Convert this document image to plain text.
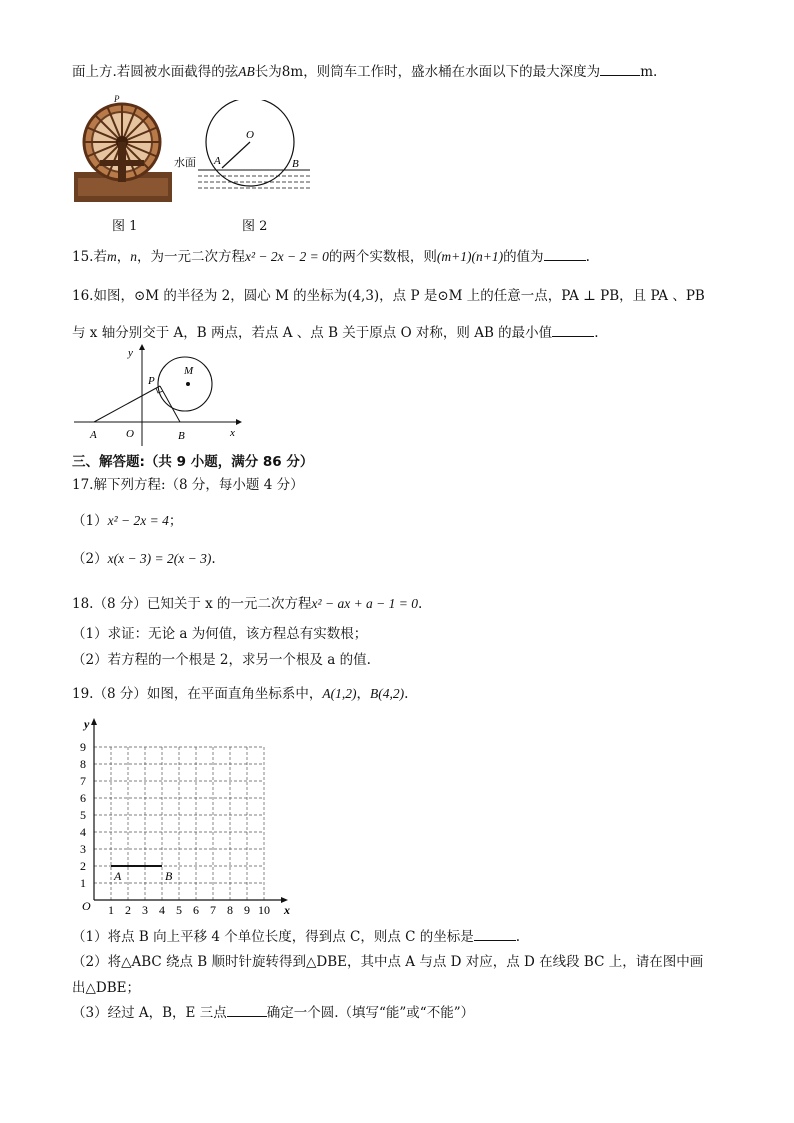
面上方.若圆被水面截得的弦AB长为8m，则筒车工作时，盛水桶在水面以下的最大深度为	m.
P
图 1
O
A	B
水面
图 2
15.若m，n，为一元二次方程x² − 2x − 2 = 0的两个实数根，则(m+1)(n+1)的值为	.
16.如图，⊙M 的半径为 2，圆心 M 的坐标为(4,3)，点 P 是⊙M 上的任意一点，PA ⊥ PB，且 PA 、PB
与 x 轴分别交于 A，B 两点，若点 A 、点 B 关于原点 O 对称，则 AB 的最小值	.
y
x
M
P
A	O	B
三、解答题:（共 9 小题，满分 86 分）
17.解下列方程:（8 分，每小题 4 分）
（1）x² − 2x = 4；
（2）x(x − 3) = 2(x − 3).
18.（8 分）已知关于 x 的一元二次方程x² − ax + a − 1 = 0.
（1）求证：无论 a 为何值，该方程总有实数根；
（2）若方程的一个根是 2，求另一个根及 a 的值.
19.（8 分）如图，在平面直角坐标系中，A(1,2)，B(4,2).
y
x
O
A	B
1 2 3 4 5 6 7 8 9 10
1
2
3
4
5
6
7
8
9
（1）将点 B 向上平移 4 个单位长度，得到点 C，则点 C 的坐标是	.
（2）将△ABC 绕点 B 顺时针旋转得到△DBE，其中点 A 与点 D 对应，点 D 在线段 BC 上，请在图中画
出△DBE；
（3）经过 A，B，E 三点	确定一个圆.（填写“能”或“不能”）
